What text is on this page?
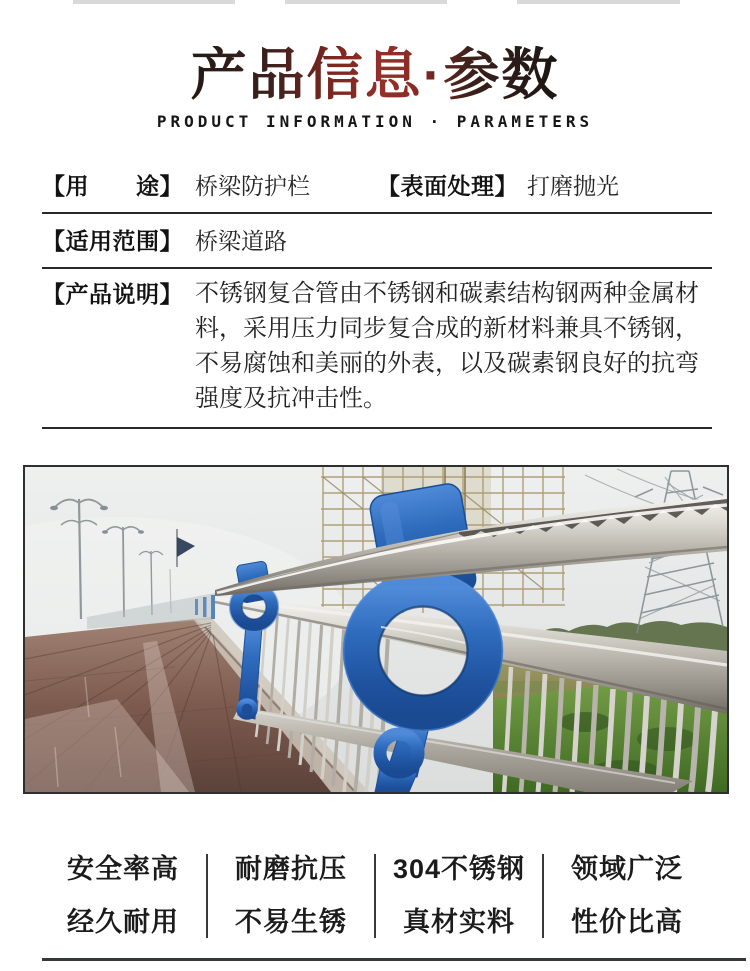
产品信息·参数
PRODUCT INFORMATION · PARAMETERS
【用　　途】 桥梁防护栏	【表面处理】 打磨抛光
【适用范围】 桥梁道路
【产品说明】 不锈钢复合管由不锈钢和碳素结构钢两种金属材料，采用压力同步复合成的新材料兼具不锈钢，不易腐蚀和美丽的外表，以及碳素钢良好的抗弯强度及抗冲击性。
安全率高
经久耐用
耐磨抗压
不易生锈
304不锈钢
真材实料
领域广泛
性价比高
